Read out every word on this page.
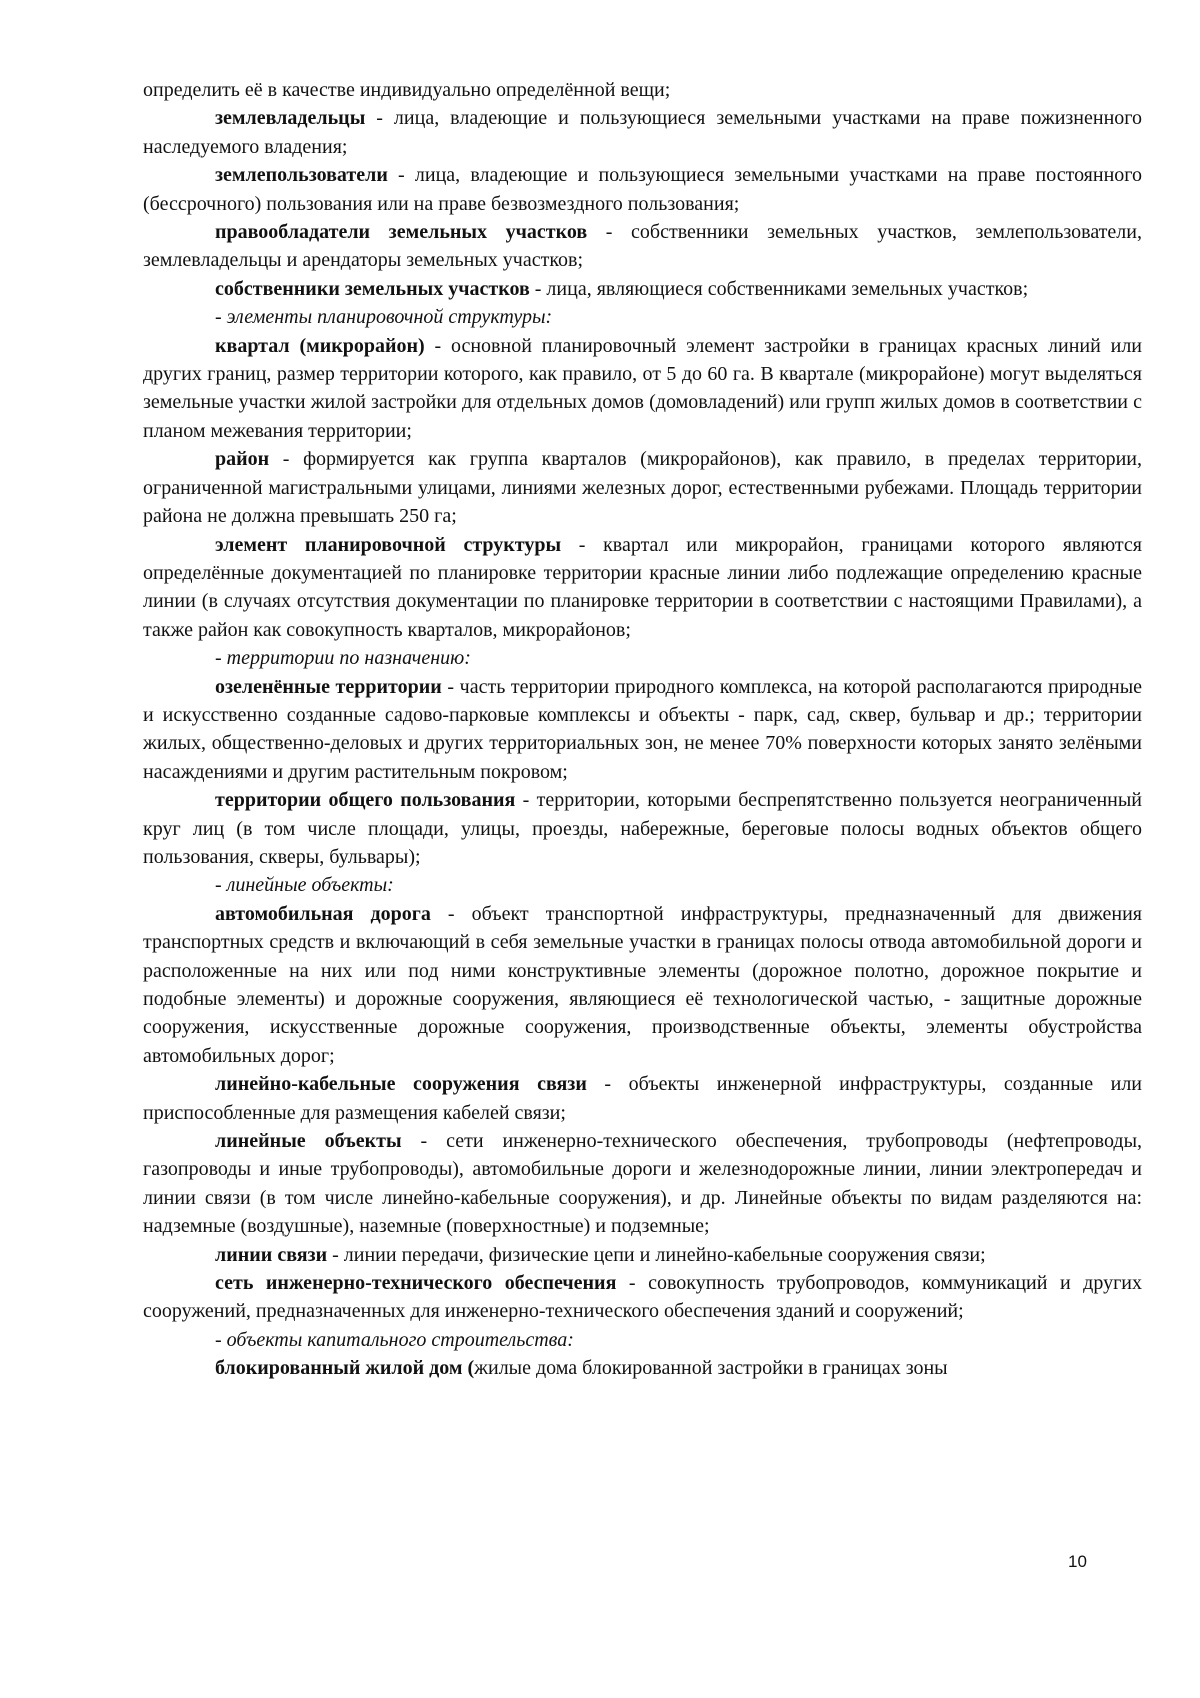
определить её в качестве индивидуально определённой вещи;

землевладельцы - лица, владеющие и пользующиеся земельными участками на праве пожизненного наследуемого владения;

землепользователи - лица, владеющие и пользующиеся земельными участками на праве постоянного (бессрочного) пользования или на праве безвозмездного пользования;

правообладатели земельных участков - собственники земельных участков, землепользователи, землевладельцы и арендаторы земельных участков;

собственники земельных участков - лица, являющиеся собственниками земельных участков;

- элементы планировочной структуры:

квартал (микрорайон) - основной планировочный элемент застройки в границах красных линий или других границ, размер территории которого, как правило, от 5 до 60 га. В квартале (микрорайоне) могут выделяться земельные участки жилой застройки для отдельных домов (домовладений) или групп жилых домов в соответствии с планом межевания территории;

район - формируется как группа кварталов (микрорайонов), как правило, в пределах территории, ограниченной магистральными улицами, линиями железных дорог, естественными рубежами. Площадь территории района не должна превышать 250 га;

элемент планировочной структуры - квартал или микрорайон, границами которого являются определённые документацией по планировке территории красные линии либо подлежащие определению красные линии (в случаях отсутствия документации по планировке территории в соответствии с настоящими Правилами), а также район как совокупность кварталов, микрорайонов;

- территории по назначению:

озеленённые территории - часть территории природного комплекса, на которой располагаются природные и искусственно созданные садово-парковые комплексы и объекты - парк, сад, сквер, бульвар и др.; территории жилых, общественно-деловых и других территориальных зон, не менее 70% поверхности которых занято зелёными насаждениями и другим растительным покровом;

территории общего пользования - территории, которыми беспрепятственно пользуется неограниченный круг лиц (в том числе площади, улицы, проезды, набережные, береговые полосы водных объектов общего пользования, скверы, бульвары);

- линейные объекты:

автомобильная дорога - объект транспортной инфраструктуры, предназначенный для движения транспортных средств и включающий в себя земельные участки в границах полосы отвода автомобильной дороги и расположенные на них или под ними конструктивные элементы (дорожное полотно, дорожное покрытие и подобные элементы) и дорожные сооружения, являющиеся её технологической частью, - защитные дорожные сооружения, искусственные дорожные сооружения, производственные объекты, элементы обустройства автомобильных дорог;

линейно-кабельные сооружения связи - объекты инженерной инфраструктуры, созданные или приспособленные для размещения кабелей связи;

линейные объекты - сети инженерно-технического обеспечения, трубопроводы (нефтепроводы, газопроводы и иные трубопроводы), автомобильные дороги и железнодорожные линии, линии электропередач и линии связи (в том числе линейно-кабельные сооружения), и др. Линейные объекты по видам разделяются на: надземные (воздушные), наземные (поверхностные) и подземные;

линии связи - линии передачи, физические цепи и линейно-кабельные сооружения связи;

сеть инженерно-технического обеспечения - совокупность трубопроводов, коммуникаций и других сооружений, предназначенных для инженерно-технического обеспечения зданий и сооружений;

- объекты капитального строительства:

блокированный жилой дом (жилые дома блокированной застройки в границах зоны

10
